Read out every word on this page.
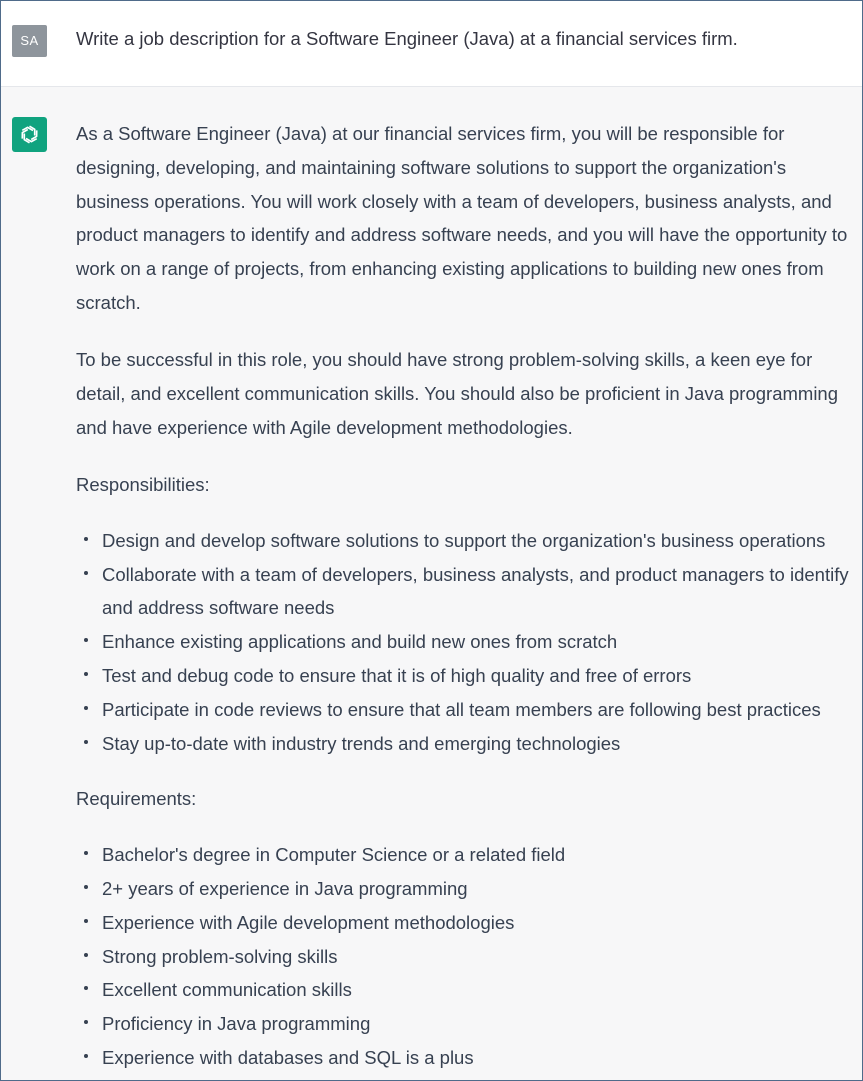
SA	Write a job description for a Software Engineer (Java) at a financial services firm.

As a Software Engineer (Java) at our financial services firm, you will be responsible for designing, developing, and maintaining software solutions to support the organization's business operations. You will work closely with a team of developers, business analysts, and product managers to identify and address software needs, and you will have the opportunity to work on a range of projects, from enhancing existing applications to building new ones from scratch.

To be successful in this role, you should have strong problem-solving skills, a keen eye for detail, and excellent communication skills. You should also be proficient in Java programming and have experience with Agile development methodologies.

Responsibilities:

Design and develop software solutions to support the organization's business operations
Collaborate with a team of developers, business analysts, and product managers to identify and address software needs
Enhance existing applications and build new ones from scratch
Test and debug code to ensure that it is of high quality and free of errors
Participate in code reviews to ensure that all team members are following best practices
Stay up-to-date with industry trends and emerging technologies

Requirements:

Bachelor's degree in Computer Science or a related field
2+ years of experience in Java programming
Experience with Agile development methodologies
Strong problem-solving skills
Excellent communication skills
Proficiency in Java programming
Experience with databases and SQL is a plus
